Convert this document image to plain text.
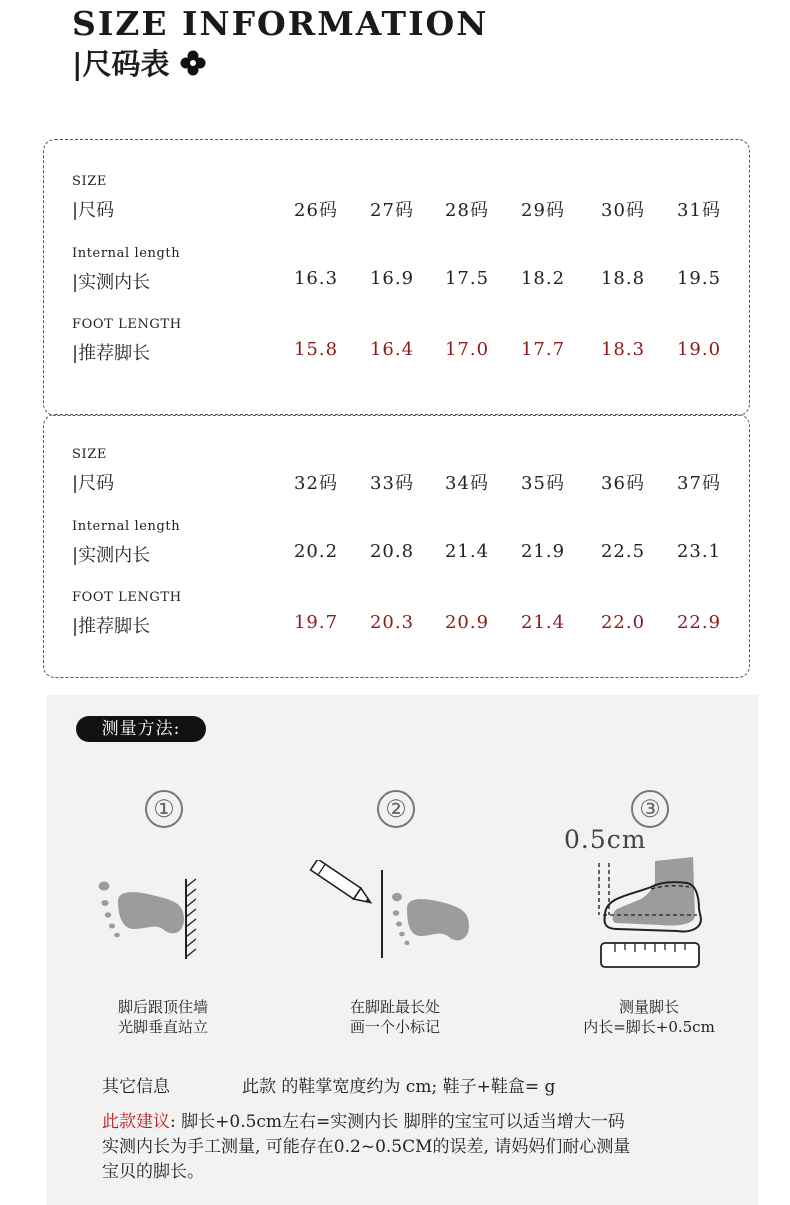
SIZE INFORMATION
|尺码表
SIZE
|尺码	26码	27码	28码	29码	30码	31码
Internal length
|实测内长	16.3	16.9	17.5	18.2	18.8	19.5
FOOT LENGTH
|推荐脚长	15.8	16.4	17.0	17.7	18.3	19.0
SIZE
|尺码	32码	33码	34码	35码	36码	37码
Internal length
|实测内长	20.2	20.8	21.4	21.9	22.5	23.1
FOOT LENGTH
|推荐脚长	19.7	20.3	20.9	21.4	22.0	22.9
测量方法:
①	②	③
0.5cm
脚后跟顶住墙
光脚垂直站立
在脚趾最长处
画一个小标记
测量脚长
内长=脚长+0.5cm
其它信息	此款 的鞋掌宽度约为 cm; 鞋子+鞋盒= g
此款建议: 脚长+0.5cm左右=实测内长 脚胖的宝宝可以适当增大一码
实测内长为手工测量, 可能存在0.2~0.5CM的误差, 请妈妈们耐心测量
宝贝的脚长。
